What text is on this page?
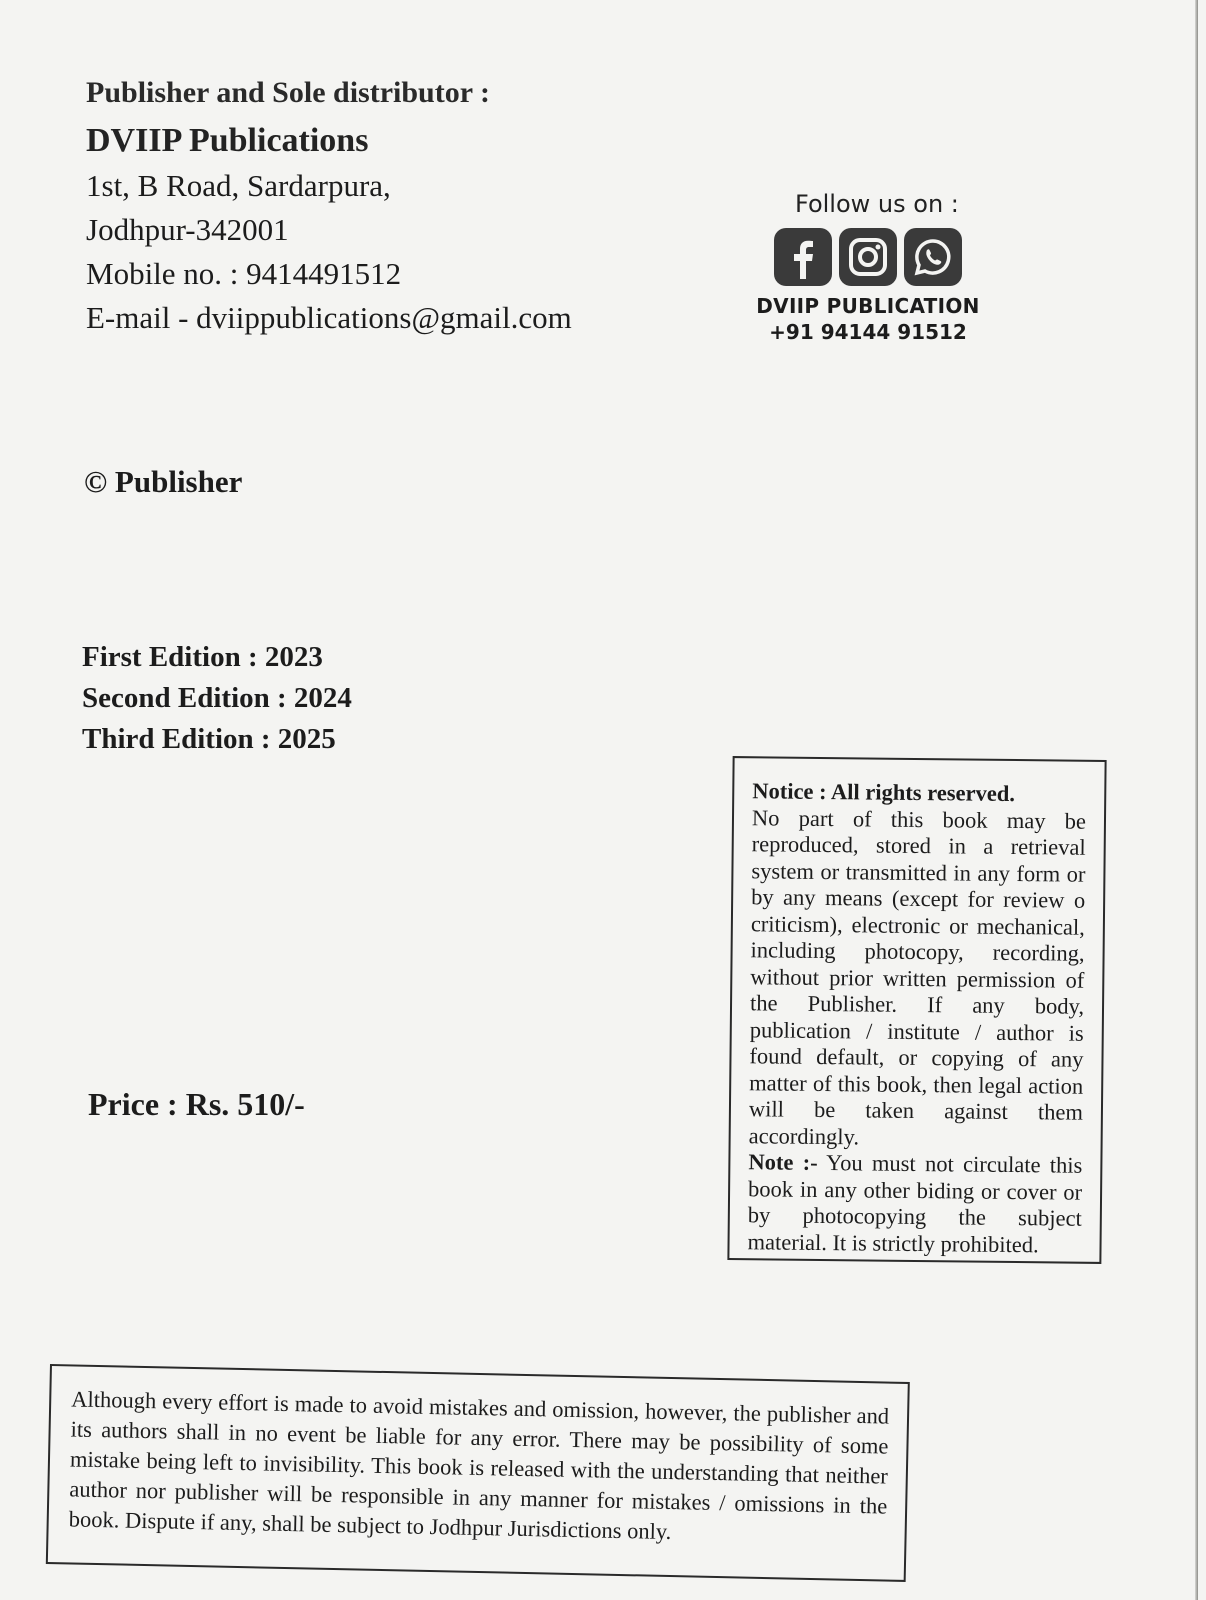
Publisher and Sole distributor :

DVIIP Publications

1st, B Road, Sardarpura,

Jodhpur-342001

Mobile no. : 9414491512

E-mail - dviippublications@gmail.com

Follow us on :

DVIIP PUBLICATION

+91 94144 91512

© Publisher

First Edition : 2023

Second Edition : 2024

Third Edition : 2025

Price : Rs. 510/-

Notice : All rights reserved.

No part of this book may be reproduced, stored in a retrieval system or transmitted in any form or by any means (except for review o criticism), electronic or mechanical, including photocopy, recording, without prior written permission of the Publisher. If any body, publication / institute / author is found default, or copying of any matter of this book, then legal action will be taken against them accordingly.

Note :- You must not circulate this book in any other biding or cover or by photocopying the subject material. It is strictly prohibited.

Although every effort is made to avoid mistakes and omission, however, the publisher and its authors shall in no event be liable for any error. There may be possibility of some mistake being left to invisibility. This book is released with the understanding that neither author nor publisher will be responsible in any manner for mistakes / omissions in the book. Dispute if any, shall be subject to Jodhpur Jurisdictions only.
